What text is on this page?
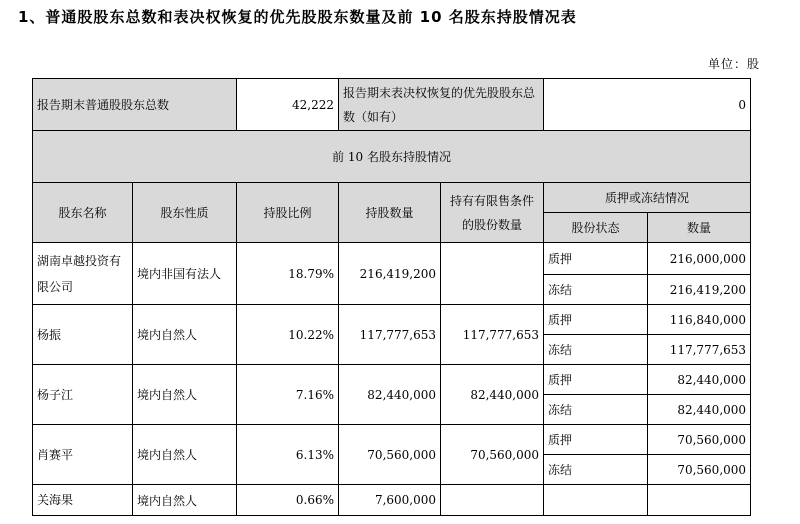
1、普通股股东总数和表决权恢复的优先股股东数量及前 10 名股东持股情况表
单位：股
报告期末普通股股东总数		42,222	报告期末表决权恢复的优先股股东总数（如有）		0	
前 10 名股东持股情况						
股东名称	股东性质	持股比例	持股数量	持有有限售条件的股份数量	质押或冻结情况	
					股份状态	数量
湖南卓越投资有限公司	境内非国有法人	18.79%	216,419,200		质押	216,000,000
					冻结	216,419,200
杨振	境内自然人	10.22%	117,777,653	117,777,653	质押	116,840,000
					冻结	117,777,653
杨子江	境内自然人	7.16%	82,440,000	82,440,000	质押	82,440,000
					冻结	82,440,000
肖赛平	境内自然人	6.13%	70,560,000	70,560,000	质押	70,560,000
					冻结	70,560,000
关海果	境内自然人	0.66%	7,600,000			
